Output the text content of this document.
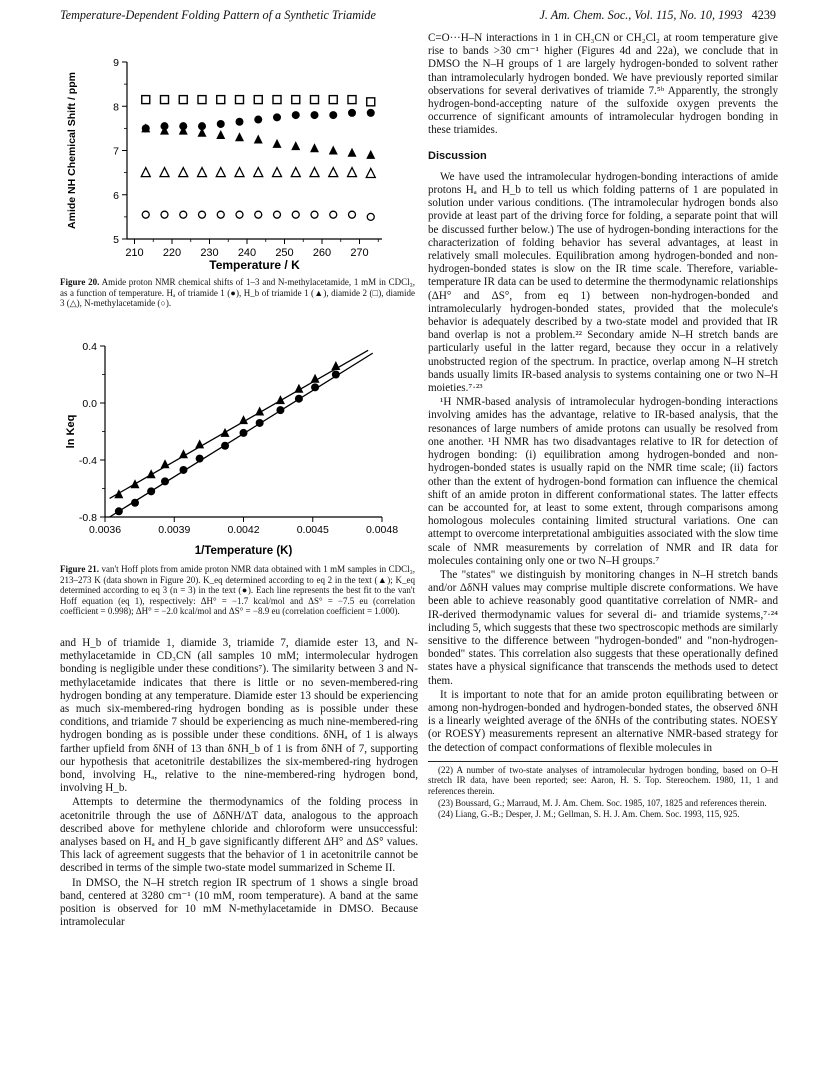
Temperature-Dependent Folding Pattern of a Synthetic Triamide	J. Am. Chem. Soc., Vol. 115, No. 10, 1993 4239
5
6
7
8
9
210 220 230 240 250 260 270
Temperature / K
Amide NH Chemical Shift / ppm
Figure 20. Amide proton NMR chemical shifts of 1–3 and N-methylacetamide, 1 mM in CDCl₃, as a function of temperature. Hₐ of triamide 1 (●), H_b of triamide 1 (▲), diamide 2 (□), diamide 3 (△), N-methylacetamide (○).
-0.8
-0.4
0.0
0.4
0.0036	0.0039	0.0042	0.0045	0.0048
1/Temperature (K)
ln Keq
Figure 21. van't Hoff plots from amide proton NMR data obtained with 1 mM samples in CDCl₃, 213–273 K (data shown in Figure 20). K_eq determined according to eq 2 in the text (▲); K_eq determined according to eq 3 (n = 3) in the text (●). Each line represents the best fit to the van't Hoff equation (eq 1), respectively: ΔH° = −1.7 kcal/mol and ΔS° = −7.5 eu (correlation coefficient = 0.998); ΔH° = −2.0 kcal/mol and ΔS° = −8.9 eu (correlation coefficient = 1.000).

and H_b of triamide 1, diamide 3, triamide 7, diamide ester 13, and N-methylacetamide in CD₃CN (all samples 10 mM; intermolecular hydrogen bonding is negligible under these conditions⁷). The similarity between 3 and N-methylacetamide indicates that there is little or no seven-membered-ring hydrogen bonding at any temperature. Diamide ester 13 should be experiencing as much six-membered-ring hydrogen bonding as is possible under these conditions, and triamide 7 should be experiencing as much nine-membered-ring hydrogen bonding as is possible under these conditions. δNHₐ of 1 is always farther upfield from δNH of 13 than δNH_b of 1 is from δNH of 7, supporting our hypothesis that acetonitrile destabilizes the six-membered-ring hydrogen bond, involving Hₐ, relative to the nine-membered-ring hydrogen bond, involving H_b.

Attempts to determine the thermodynamics of the folding process in acetonitrile through the use of ΔδNH/ΔT data, analogous to the approach described above for methylene chloride and chloroform were unsuccessful: analyses based on Hₐ and H_b gave significantly different ΔH° and ΔS° values. This lack of agreement suggests that the behavior of 1 in acetonitrile cannot be described in terms of the simple two-state model summarized in Scheme II.

In DMSO, the N–H stretch region IR spectrum of 1 shows a single broad band, centered at 3280 cm⁻¹ (10 mM, room temperature). A band at the same position is observed for 10 mM N-methylacetamide in DMSO. Because intramolecular

C=O···H–N interactions in 1 in CH₃CN or CH₂Cl₂ at room temperature give rise to bands >30 cm⁻¹ higher (Figures 4d and 22a), we conclude that in DMSO the N–H groups of 1 are largely hydrogen-bonded to solvent rather than intramolecularly hydrogen bonded. We have previously reported similar observations for several derivatives of triamide 7.⁵ᵇ Apparently, the strongly hydrogen-bond-accepting nature of the sulfoxide oxygen prevents the occurrence of significant amounts of intramolecular hydrogen bonding in these triamides.

Discussion

We have used the intramolecular hydrogen-bonding interactions of amide protons Hₐ and H_b to tell us which folding patterns of 1 are populated in solution under various conditions. (The intramolecular hydrogen bonds also provide at least part of the driving force for folding, a separate point that will be discussed further below.) The use of hydrogen-bonding interactions for the characterization of folding behavior has several advantages, at least in relatively small molecules. Equilibration among hydrogen-bonded and non-hydrogen-bonded states is slow on the IR time scale. Therefore, variable-temperature IR data can be used to determine the thermodynamic relationships (ΔH° and ΔS°, from eq 1) between non-hydrogen-bonded and intramolecularly hydrogen-bonded states, provided that the molecule's behavior is adequately described by a two-state model and provided that IR band overlap is not a problem.²² Secondary amide N–H stretch bands are particularly useful in the latter regard, because they occur in a relatively unobstructed region of the spectrum. In practice, overlap among N–H stretch bands usually limits IR-based analysis to systems containing one or two N–H moieties.⁷·²³

¹H NMR-based analysis of intramolecular hydrogen-bonding interactions involving amides has the advantage, relative to IR-based analysis, that the resonances of large numbers of amide protons can usually be resolved from one another. ¹H NMR has two disadvantages relative to IR for detection of hydrogen bonding: (i) equilibration among hydrogen-bonded and non-hydrogen-bonded states is usually rapid on the NMR time scale; (ii) factors other than the extent of hydrogen-bond formation can influence the chemical shift of an amide proton in different conformational states. The latter effects can be accounted for, at least to some extent, through comparisons among homologous molecules containing limited structural variations. One can attempt to overcome interpretational ambiguities associated with the slow time scale of NMR measurements by correlation of NMR and IR data for molecules containing only one or two N–H groups.⁷

The "states" we distinguish by monitoring changes in N–H stretch bands and/or ΔδNH values may comprise multiple discrete conformations. We have been able to achieve reasonably good quantitative correlation of NMR- and IR-derived thermodynamic values for several di- and triamide systems,⁷·²⁴ including 5, which suggests that these two spectroscopic methods are similarly sensitive to the difference between "hydrogen-bonded" and "non-hydrogen-bonded" states. This correlation also suggests that these operationally defined states have a physical significance that transcends the methods used to detect them.

It is important to note that for an amide proton equilibrating between or among non-hydrogen-bonded and hydrogen-bonded states, the observed δNH is a linearly weighted average of the δNHs of the contributing states. NOESY (or ROESY) measurements represent an alternative NMR-based strategy for the detection of compact conformations of flexible molecules in

(22) A number of two-state analyses of intramolecular hydrogen bonding, based on O–H stretch IR data, have been reported; see: Aaron, H. S. Top. Stereochem. 1980, 11, 1 and references therein.

(23) Boussard, G.; Marraud, M. J. Am. Chem. Soc. 1985, 107, 1825 and references therein.

(24) Liang, G.-B.; Desper, J. M.; Gellman, S. H. J. Am. Chem. Soc. 1993, 115, 925.
